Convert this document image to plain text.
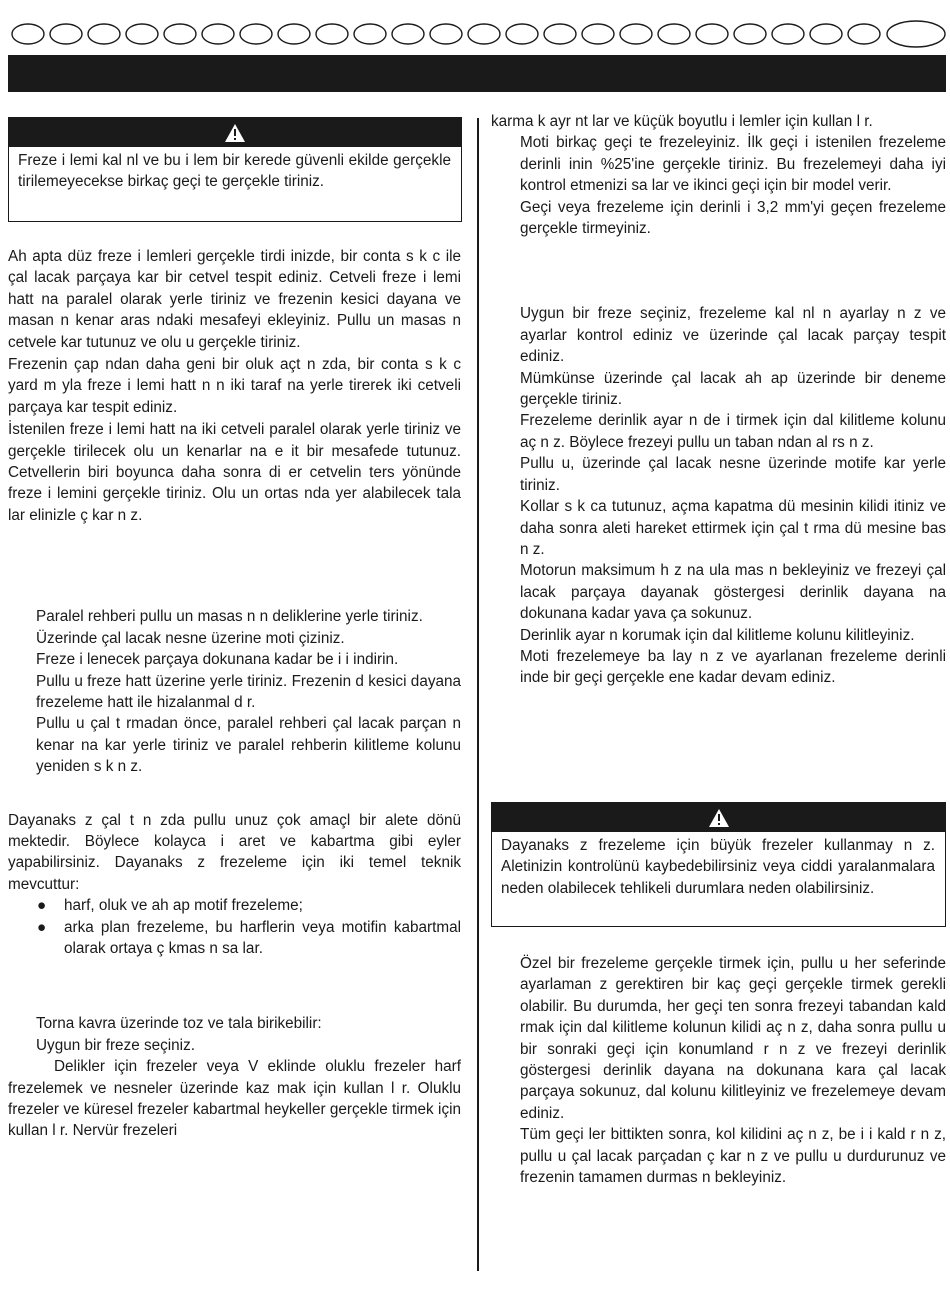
Freze i lemi kal nl ve bu i lem bir kerede güvenli ekilde gerçekle tirilemeyecekse birkaç geçi te gerçekle tiriniz.

Ah apta düz freze i lemleri gerçekle tirdi inizde, bir conta s k c ile çal lacak parçaya kar bir cetvel tespit ediniz. Cetveli freze i lemi hatt na paralel olarak yerle tiriniz ve frezenin kesici dayana ve masan n kenar aras ndaki mesafeyi ekleyiniz. Pullu un masas n cetvele kar tutunuz ve olu u gerçekle tiriniz.

Frezenin çap ndan daha geni bir oluk açt n zda, bir conta s k c yard m yla freze i lemi hatt n n iki taraf na yerle tirerek iki cetveli parçaya kar tespit ediniz.

İstenilen freze i lemi hatt na iki cetveli paralel olarak yerle tiriniz ve gerçekle tirilecek olu un kenarlar na e it bir mesafede tutunuz. Cetvellerin biri boyunca daha sonra di er cetvelin ters yönünde freze i lemini gerçekle tiriniz. Olu un ortas nda yer alabilecek tala lar elinizle ç kar n z.

Paralel rehberi pullu un masas n n deliklerine yerle tiriniz.

Üzerinde çal lacak nesne üzerine moti çiziniz.

Freze i lenecek parçaya dokunana kadar be i i indirin.

Pullu u freze hatt üzerine yerle tiriniz. Frezenin d kesici dayana frezeleme hatt ile hizalanmal d r.

Pullu u çal t rmadan önce, paralel rehberi çal lacak parçan n kenar na kar yerle tiriniz ve paralel rehberin kilitleme kolunu yeniden s k n z.

Dayanaks z çal t n zda pullu unuz çok amaçl bir alete dönü mektedir. Böylece kolayca i aret ve kabartma gibi eyler yapabilirsiniz. Dayanaks z frezeleme için iki temel teknik mevcuttur:

● harf, oluk ve ah ap motif frezeleme;
● arka plan frezeleme, bu harflerin veya motifin kabartmal olarak ortaya ç kmas n sa lar.

Torna kavra üzerinde toz ve tala birikebilir:

Uygun bir freze seçiniz.

Delikler için frezeler veya V eklinde oluklu frezeler harf frezelemek ve nesneler üzerinde kaz mak için kullan l r. Oluklu frezeler ve küresel frezeler kabartmal heykeller gerçekle tirmek için kullan l r. Nervür frezeleri

karma k ayr nt lar ve küçük boyutlu i lemler için kullan l r.

Moti birkaç geçi te frezeleyiniz. İlk geçi i istenilen frezeleme derinli inin %25'ine gerçekle tiriniz. Bu frezelemeyi daha iyi kontrol etmenizi sa lar ve ikinci geçi için bir model verir.

Geçi veya frezeleme için derinli i 3,2 mm'yi geçen frezeleme gerçekle tirmeyiniz.

Uygun bir freze seçiniz, frezeleme kal nl n ayarlay n z ve ayarlar kontrol ediniz ve üzerinde çal lacak parçay tespit ediniz.

Mümkünse üzerinde çal lacak ah ap üzerinde bir deneme gerçekle tiriniz.

Frezeleme derinlik ayar n de i tirmek için dal kilitleme kolunu aç n z. Böylece frezeyi pullu un taban ndan al rs n z.

Pullu u, üzerinde çal lacak nesne üzerinde motife kar yerle tiriniz.

Kollar s k ca tutunuz, açma kapatma dü mesinin kilidi itiniz ve daha sonra aleti hareket ettirmek için çal t rma dü mesine bas n z.

Motorun maksimum h z na ula mas n bekleyiniz ve frezeyi çal lacak parçaya dayanak göstergesi derinlik dayana na dokunana kadar yava ça sokunuz.

Derinlik ayar n korumak için dal kilitleme kolunu kilitleyiniz.

Moti frezelemeye ba lay n z ve ayarlanan frezeleme derinli inde bir geçi gerçekle ene kadar devam ediniz.

Dayanaks z frezeleme için büyük frezeler kullanmay n z. Aletinizin kontrolünü kaybedebilirsiniz veya ciddi yaralanmalara neden olabilecek tehlikeli durumlara neden olabilirsiniz.

Özel bir frezeleme gerçekle tirmek için, pullu u her seferinde ayarlaman z gerektiren bir kaç geçi gerçekle tirmek gerekli olabilir. Bu durumda, her geçi ten sonra frezeyi tabandan kald rmak için dal kilitleme kolunun kilidi aç n z, daha sonra pullu u bir sonraki geçi için konumland r n z ve frezeyi derinlik göstergesi derinlik dayana na dokunana kara çal lacak parçaya sokunuz, dal kolunu kilitleyiniz ve frezelemeye devam ediniz.

Tüm geçi ler bittikten sonra, kol kilidini aç n z, be i i kald r n z, pullu u çal lacak parçadan ç kar n z ve pullu u durdurunuz ve frezenin tamamen durmas n bekleyiniz.
